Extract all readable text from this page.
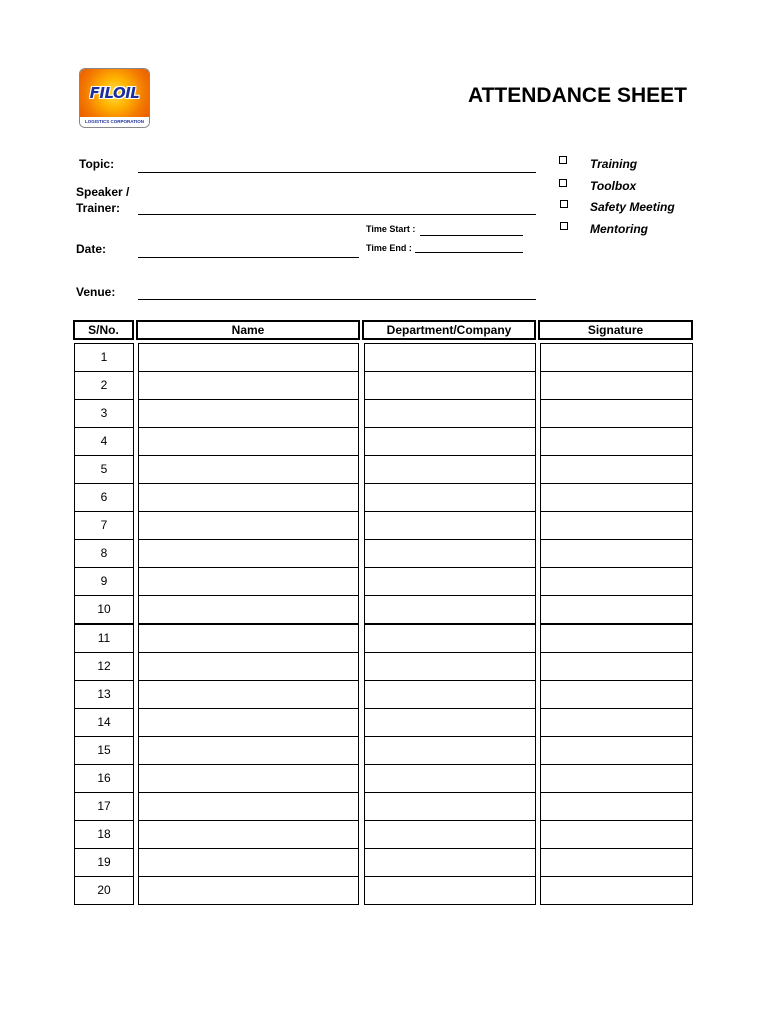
FILOIL
LOGISTICS CORPORATION
ATTENDANCE SHEET
Topic:
Speaker /
Trainer:
Time Start :
Date:	Time End :
Venue:
Training
Toolbox
Safety Meeting
Mentoring
S/No.	Name	Department/Company	Signature
1
2
3
4
5
6
7
8
9
10
11
12
13
14
15
16
17
18
19
20
